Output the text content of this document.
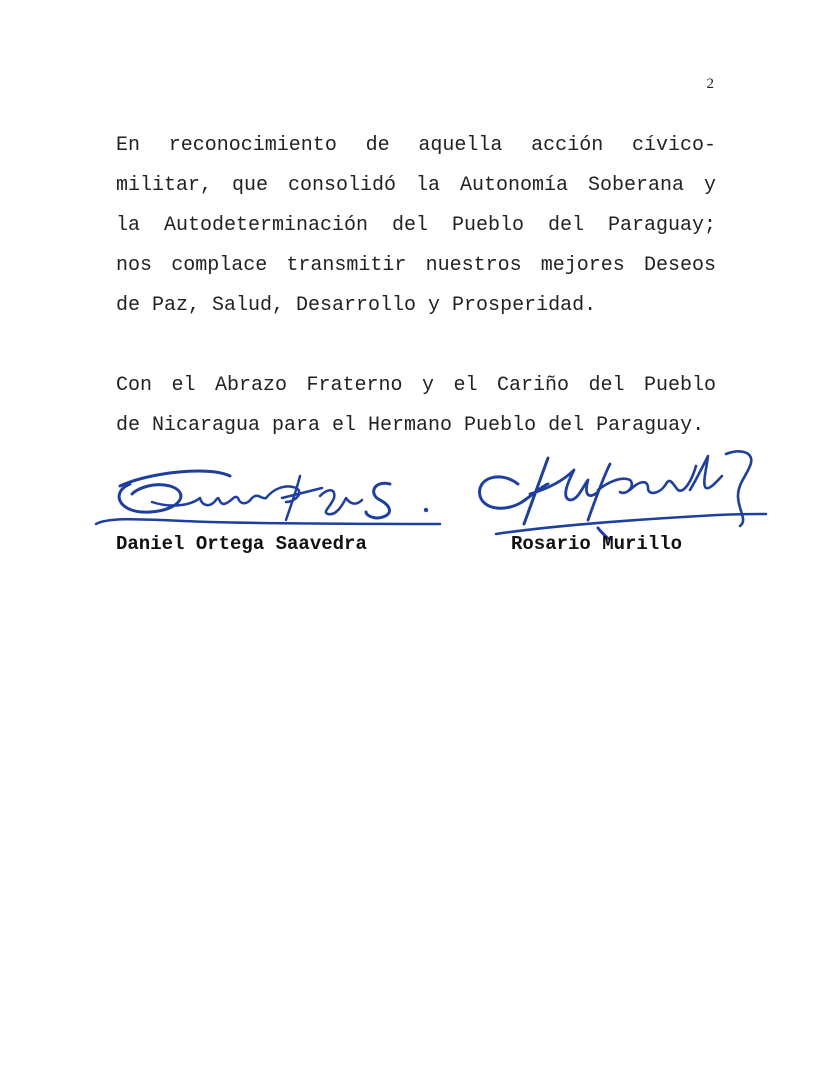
2

En reconocimiento de aquella acción cívico-
militar, que consolidó la Autonomía Soberana y
la Autodeterminación del Pueblo del Paraguay;
nos complace transmitir nuestros mejores Deseos
de Paz, Salud, Desarrollo y Prosperidad.

Con el Abrazo Fraterno y el Cariño del Pueblo
de Nicaragua para el Hermano Pueblo del Paraguay.

Daniel Ortega Saavedra	Rosario Murillo
